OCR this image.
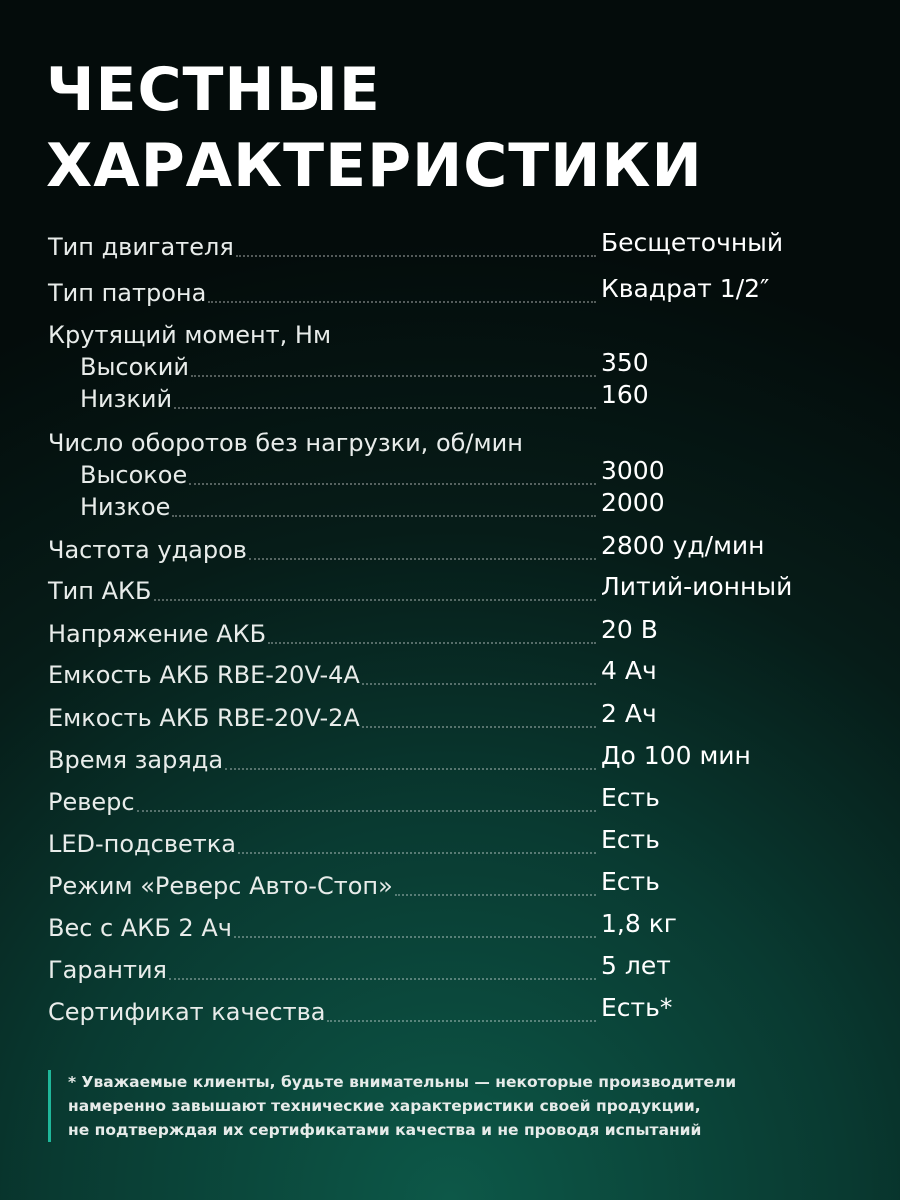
ЧЕСТНЫЕ
ХАРАКТЕРИСТИКИ
Тип двигателя	Бесщеточный
Тип патрона	Квадрат 1/2″
Крутящий момент, Нм
Высокий	350
Низкий	160
Число оборотов без нагрузки, об/мин
Высокое	3000
Низкое	2000
Частота ударов	2800 уд/мин
Тип АКБ	Литий-ионный
Напряжение АКБ	20 В
Емкость АКБ RBE-20V-4A	4 Ач
Емкость АКБ RBE-20V-2A	2 Ач
Время заряда	До 100 мин
Реверс	Есть
LED-подсветка	Есть
Режим «Реверс Авто-Стоп»	Есть
Вес с АКБ 2 Ач	1,8 кг
Гарантия	5 лет
Сертификат качества	Есть*
* Уважаемые клиенты, будьте внимательны — некоторые производители
намеренно завышают технические характеристики своей продукции,
не подтверждая их сертификатами качества и не проводя испытаний
